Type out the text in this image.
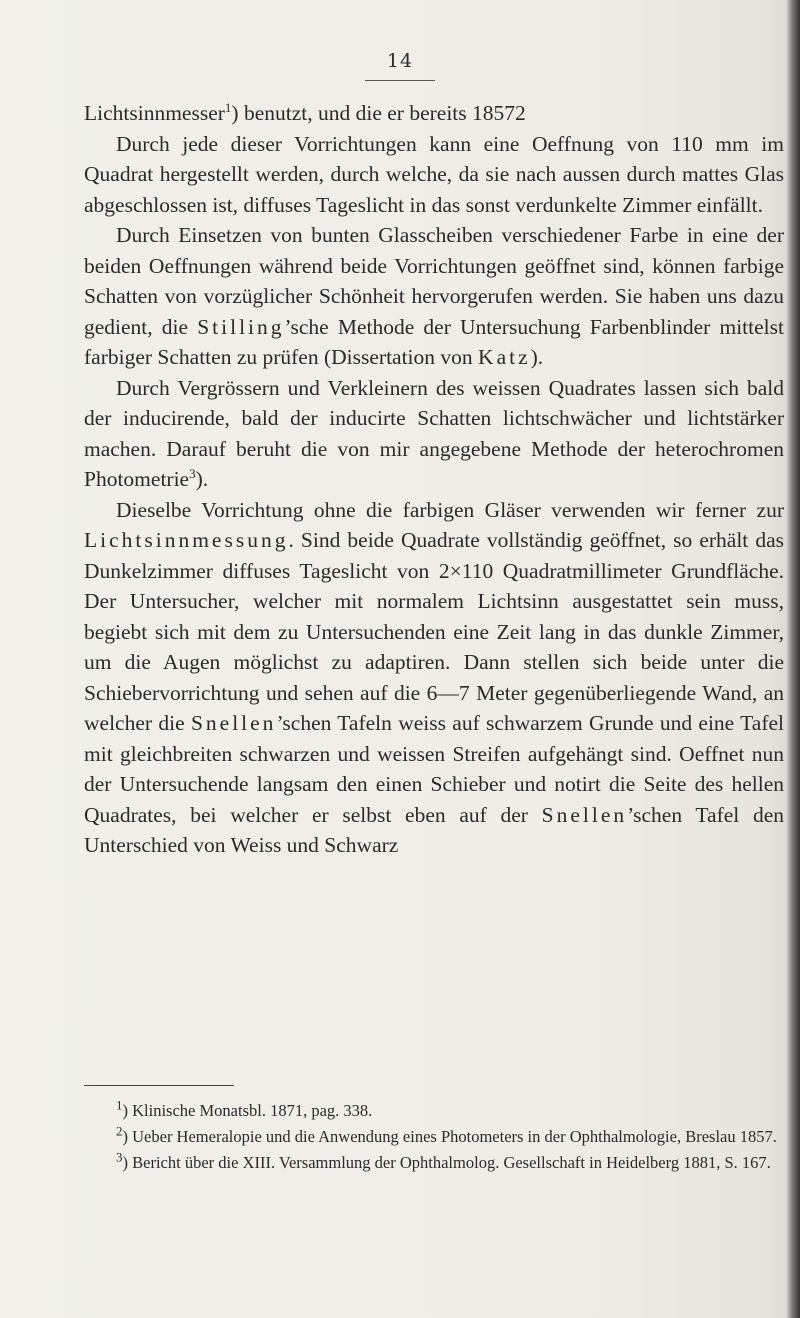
14

Lichtsinnmesser$^1$) benutzt, und die er bereits 18572

Durch jede dieser Vorrichtungen kann eine Oeffnung von 110 mm im Quadrat hergestellt werden, durch welche, da sie nach aussen durch mattes Glas abgeschlossen ist, diffuses Tageslicht in das sonst verdunkelte Zimmer einfällt.

Durch Einsetzen von bunten Glasscheiben verschiedener Farbe in eine der beiden Oeffnungen während beide Vorrichtungen geöffnet sind, können farbige Schatten von vorzüglicher Schönheit hervorgerufen werden. Sie haben uns dazu gedient, die Stilling’sche Methode der Untersuchung Farbenblinder mittelst farbiger Schatten zu prüfen (Dissertation von Katz).

Durch Vergrössern und Verkleinern des weissen Quadrates lassen sich bald der inducirende, bald der inducirte Schatten lichtschwächer und lichtstärker machen. Darauf beruht die von mir angegebene Methode der heterochromen Photometrie$^3$).

Dieselbe Vorrichtung ohne die farbigen Gläser verwenden wir ferner zur Lichtsinnmessung. Sind beide Quadrate vollständig geöffnet, so erhält das Dunkelzimmer diffuses Tageslicht von 2×110 Quadratmillimeter Grundfläche. Der Untersucher, welcher mit normalem Lichtsinn ausgestattet sein muss, begiebt sich mit dem zu Untersuchenden eine Zeit lang in das dunkle Zimmer, um die Augen möglichst zu adaptiren. Dann stellen sich beide unter die Schiebervorrichtung und sehen auf die 6—7 Meter gegenüberliegende Wand, an welcher die Snellen’schen Tafeln weiss auf schwarzem Grunde und eine Tafel mit gleichbreiten schwarzen und weissen Streifen aufgehängt sind. Oeffnet nun der Untersuchende langsam den einen Schieber und notirt die Seite des hellen Quadrates, bei welcher er selbst eben auf der Snellen’schen Tafel den Unterschied von Weiss und Schwarz

$^1$) Klinische Monatsbl. 1871, pag. 338.

$^2$) Ueber Hemeralopie und die Anwendung eines Photometers in der Ophthalmologie, Breslau 1857.

$^3$) Bericht über die XIII. Versammlung der Ophthalmolog. Gesellschaft in Heidelberg 1881, S. 167.
